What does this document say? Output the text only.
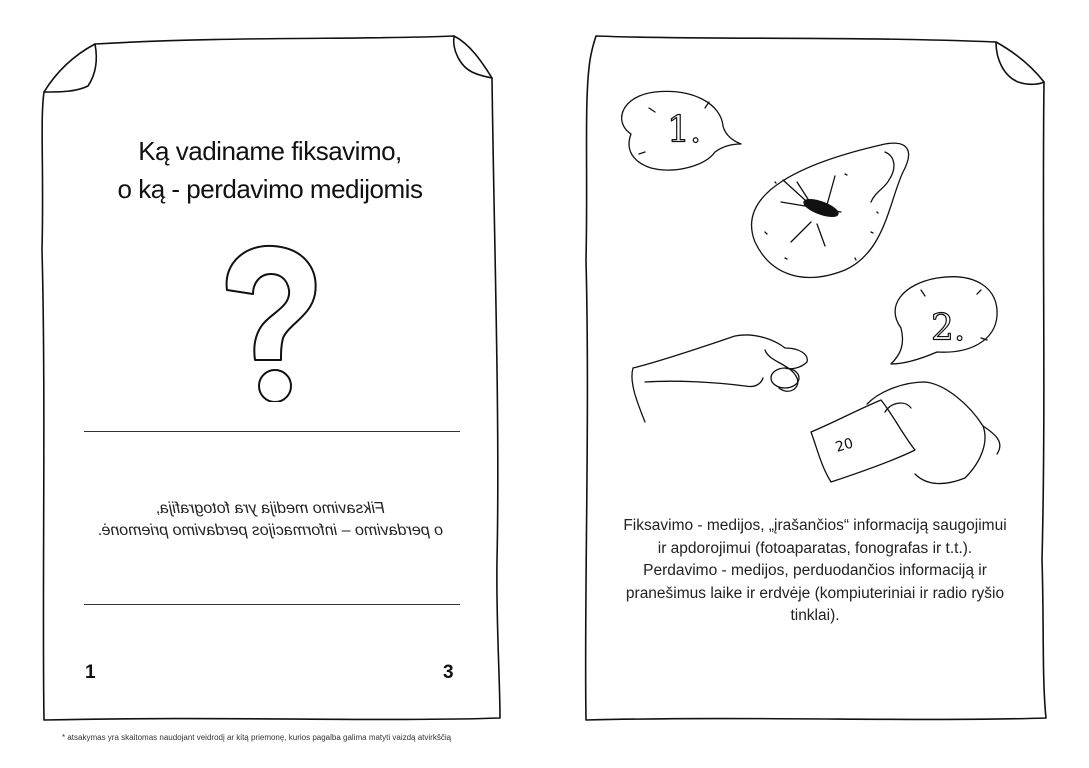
Ką vadiname fiksavimo,
o ką - perdavimo medijomis
Fiksavimo medija yra fotografija,
o perdavimo – informacijos perdavimo priemonė.
1	3
1.
2.
20
Fiksavimo - medijos, „įrašančios“ informaciją saugojimui
ir apdorojimui (fotoaparatas, fonografas ir t.t.).
Perdavimo - medijos, perduodančios informaciją ir
pranešimus laike ir erdvėje (kompiuteriniai ir radio ryšio
tinklai).
* atsakymas yra skaitomas naudojant veidrodį ar kitą priemonę, kurios pagalba galima matyti vaizdą atvirkščią
